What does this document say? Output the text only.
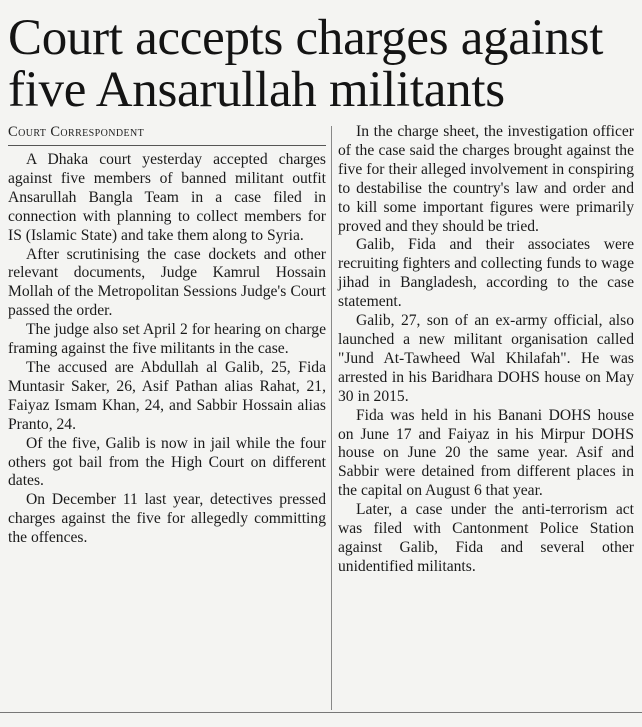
Court accepts charges against five Ansarullah militants
Court Correspondent

A Dhaka court yesterday accepted charges against five members of banned militant outfit Ansarullah Bangla Team in a case filed in connection with planning to collect members for IS (Islamic State) and take them along to Syria.

After scrutinising the case dockets and other relevant documents, Judge Kamrul Hossain Mollah of the Metropolitan Sessions Judge's Court passed the order.

The judge also set April 2 for hearing on charge framing against the five militants in the case.

The accused are Abdullah al Galib, 25, Fida Muntasir Saker, 26, Asif Pathan alias Rahat, 21, Faiyaz Ismam Khan, 24, and Sabbir Hossain alias Pranto, 24.

Of the five, Galib is now in jail while the four others got bail from the High Court on different dates.

On December 11 last year, detectives pressed charges against the five for allegedly committing the offences.

In the charge sheet, the investigation officer of the case said the charges brought against the five for their alleged involvement in conspiring to destabilise the country's law and order and to kill some important figures were primarily proved and they should be tried.

Galib, Fida and their associates were recruiting fighters and collecting funds to wage jihad in Bangladesh, according to the case statement.

Galib, 27, son of an ex-army official, also launched a new militant organisation called "Jund At-Tawheed Wal Khilafah". He was arrested in his Baridhara DOHS house on May 30 in 2015.

Fida was held in his Banani DOHS house on June 17 and Faiyaz in his Mirpur DOHS house on June 20 the same year. Asif and Sabbir were detained from different places in the capital on August 6 that year.

Later, a case under the anti-terrorism act was filed with Cantonment Police Station against Galib, Fida and several other unidentified militants.
